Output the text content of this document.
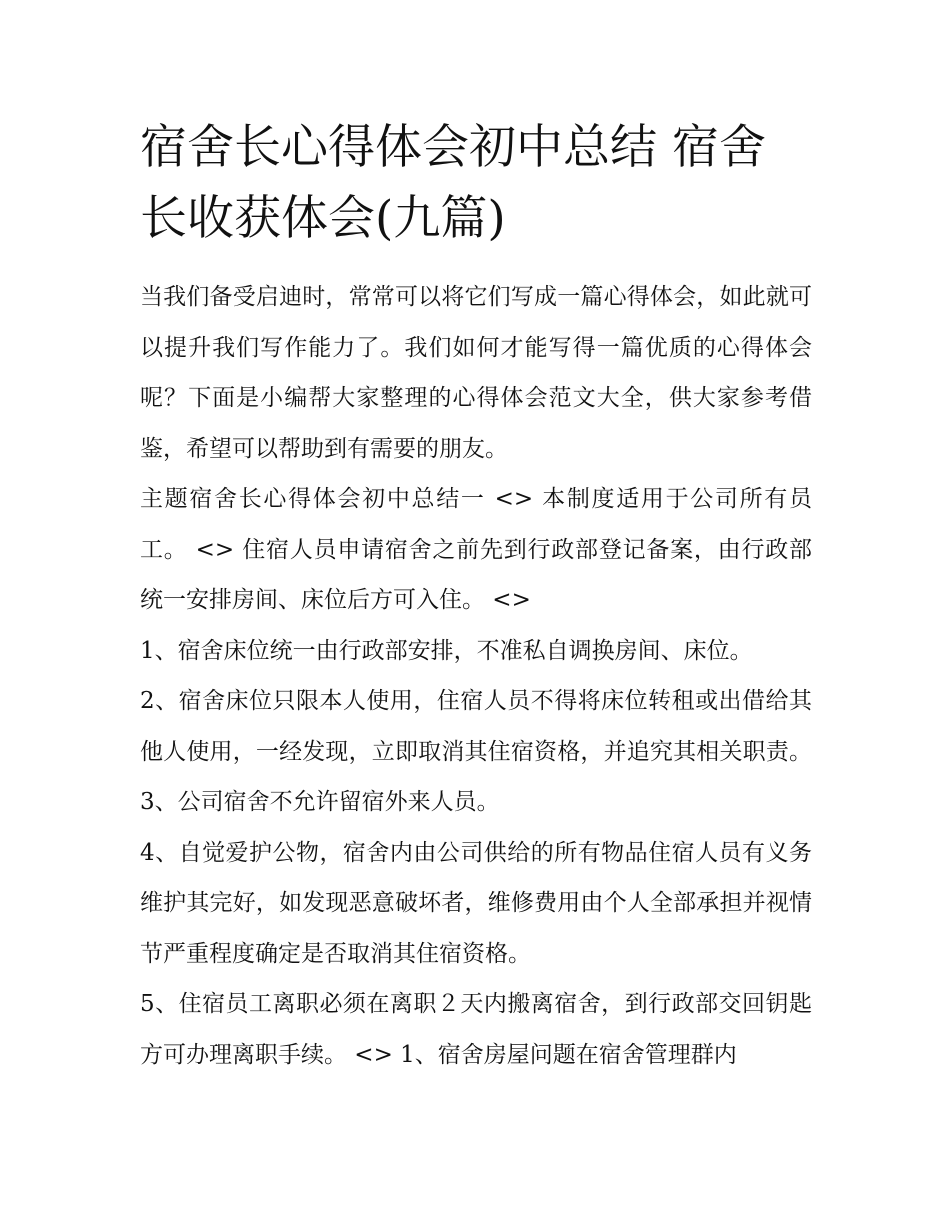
宿舍长心得体会初中总结 宿舍长收获体会(九篇)

当我们备受启迪时，常常可以将它们写成一篇心得体会，如此就可以提升我们写作能力了。我们如何才能写得一篇优质的心得体会呢？下面是小编帮大家整理的心得体会范文大全，供大家参考借鉴，希望可以帮助到有需要的朋友。

主题宿舍长心得体会初中总结一 <> 本制度适用于公司所有员工。 <> 住宿人员申请宿舍之前先到行政部登记备案，由行政部统一安排房间、床位后方可入住。 <>

1、宿舍床位统一由行政部安排，不准私自调换房间、床位。

2、宿舍床位只限本人使用，住宿人员不得将床位转租或出借给其他人使用，一经发现，立即取消其住宿资格，并追究其相关职责。 3、公司宿舍不允许留宿外来人员。

4、自觉爱护公物，宿舍内由公司供给的所有物品住宿人员有义务维护其完好，如发现恶意破坏者，维修费用由个人全部承担并视情节严重程度确定是否取消其住宿资格。

5、住宿员工离职必须在离职２天内搬离宿舍，到行政部交回钥匙方可办理离职手续。 <> 1、宿舍房屋问题在宿舍管理群内
